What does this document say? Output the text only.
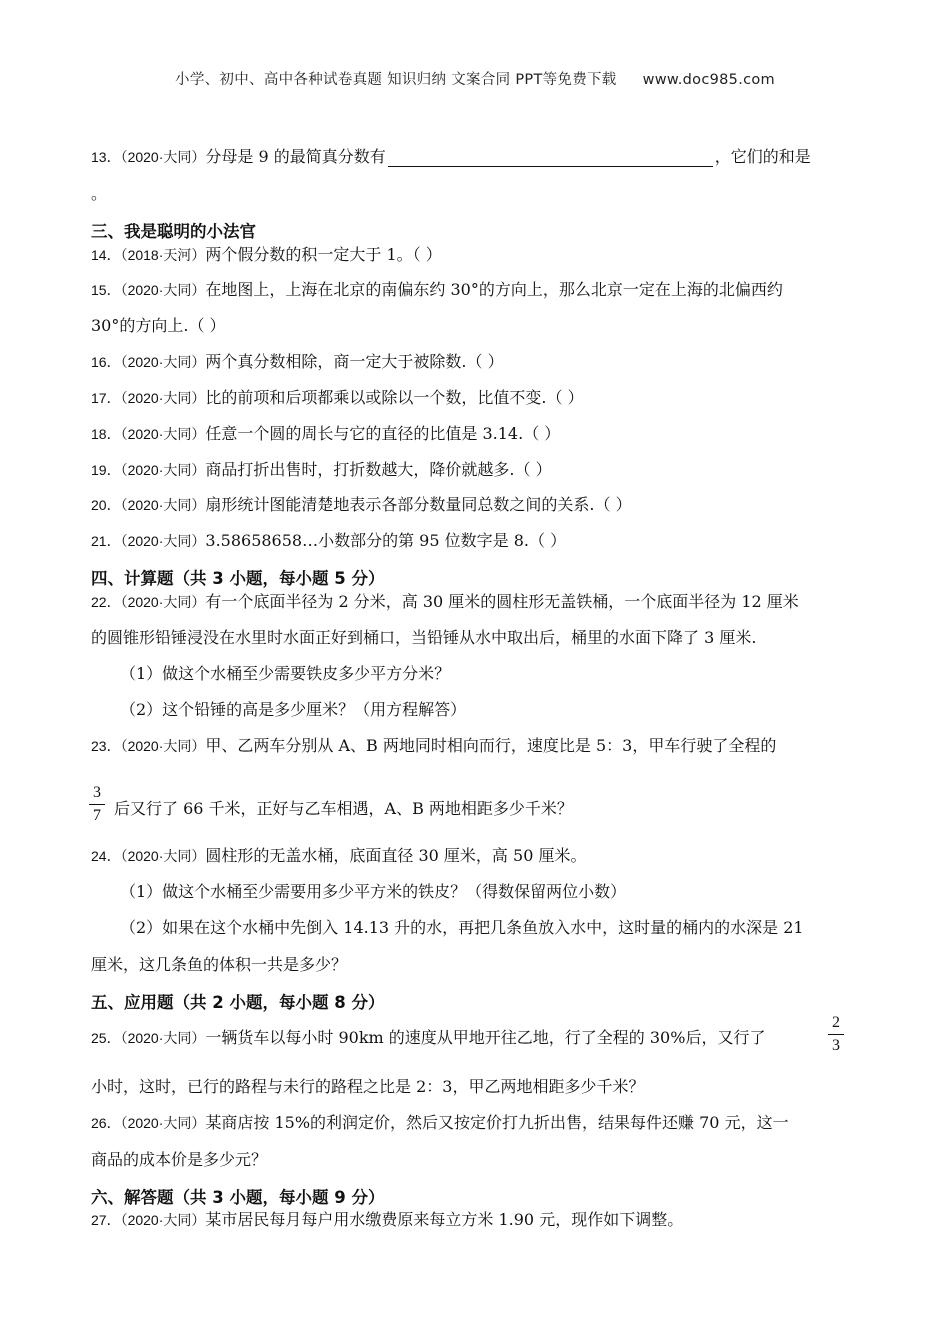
小学、初中、高中各种试卷真题 知识归纳 文案合同 PPT等免费下载 www.doc985.com
13．（2020·大同）分母是 9 的最简真分数有	，它们的和是
。
三、我是聪明的小法官
14．（2018·天河）两个假分数的积一定大于 1。（ ）
15．（2020·大同）在地图上，上海在北京的南偏东约 30°的方向上，那么北京一定在上海的北偏西约
30°的方向上.（ ）
16．（2020·大同）两个真分数相除，商一定大于被除数.（ ）
17．（2020·大同）比的前项和后项都乘以或除以一个数，比值不变.（ ）
18．（2020·大同）任意一个圆的周长与它的直径的比值是 3.14.（ ）
19．（2020·大同）商品打折出售时，打折数越大，降价就越多.（ ）
20．（2020·大同）扇形统计图能清楚地表示各部分数量同总数之间的关系.（ ）
21．（2020·大同）3.58658658…小数部分的第 95 位数字是 8.（ ）
四、计算题（共 3 小题，每小题 5 分）
22．（2020·大同）有一个底面半径为 2 分米，高 30 厘米的圆柱形无盖铁桶，一个底面半径为 12 厘米
的圆锥形铅锤浸没在水里时水面正好到桶口，当铅锤从水中取出后，桶里的水面下降了 3 厘米.
（1）做这个水桶至少需要铁皮多少平方分米？
（2）这个铅锤的高是多少厘米？（用方程解答）
23．（2020·大同）甲、乙两车分别从 A、B 两地同时相向而行，速度比是 5：3，甲车行驶了全程的
3
7 后又行了 66 千米，正好与乙车相遇，A、B 两地相距多少千米？
24．（2020·大同）圆柱形的无盖水桶，底面直径 30 厘米，高 50 厘米。
（1）做这个水桶至少需要用多少平方米的铁皮？（得数保留两位小数）
（2）如果在这个水桶中先倒入 14.13 升的水，再把几条鱼放入水中，这时量的桶内的水深是 21
厘米，这几条鱼的体积一共是多少？
五、应用题（共 2 小题，每小题 8 分）
25．（2020·大同）一辆货车以每小时 90km 的速度从甲地开往乙地，行了全程的 30%后，又行了
2
3
小时，这时，已行的路程与未行的路程之比是 2：3，甲乙两地相距多少千米？
26．（2020·大同）某商店按 15%的利润定价，然后又按定价打九折出售，结果每件还赚 70 元，这一
商品的成本价是多少元？
六、解答题（共 3 小题，每小题 9 分）
27．（2020·大同）某市居民每月每户用水缴费原来每立方米 1.90 元，现作如下调整。
